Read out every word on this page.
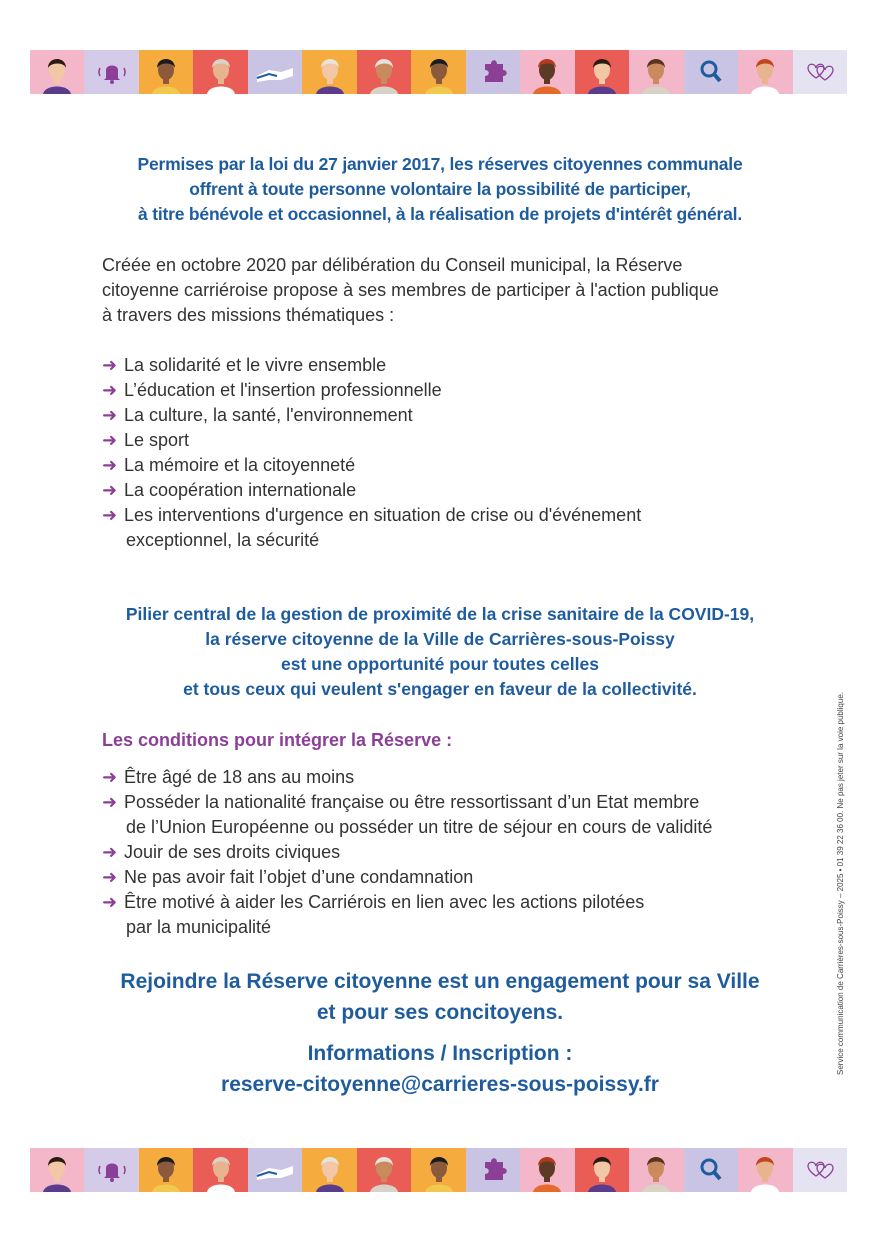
Permises par la loi du 27 janvier 2017, les réserves citoyennes communale
offrent à toute personne volontaire la possibilité de participer,
à titre bénévole et occasionnel, à la réalisation de projets d'intérêt général.
Créée en octobre 2020 par délibération du Conseil municipal, la Réserve
citoyenne carriéroise propose à ses membres de participer à l'action publique
à travers des missions thématiques :
➜ La solidarité et le vivre ensemble
➜ L’éducation et l'insertion professionnelle
➜ La culture, la santé, l'environnement
➜ Le sport
➜ La mémoire et la citoyenneté
➜ La coopération internationale
➜ Les interventions d'urgence en situation de crise ou d'événement
exceptionnel, la sécurité
Pilier central de la gestion de proximité de la crise sanitaire de la COVID-19,
la réserve citoyenne de la Ville de Carrières-sous-Poissy
est une opportunité pour toutes celles
et tous ceux qui veulent s'engager en faveur de la collectivité.
Les conditions pour intégrer la Réserve :
➜ Être âgé de 18 ans au moins
➜ Posséder la nationalité française ou être ressortissant d’un Etat membre
de l’Union Européenne ou posséder un titre de séjour en cours de validité
➜ Jouir de ses droits civiques
➜ Ne pas avoir fait l’objet d’une condamnation
➜ Être motivé à aider les Carriérois en lien avec les actions pilotées
par la municipalité
Rejoindre la Réserve citoyenne est un engagement pour sa Ville
et pour ses concitoyens.
Informations / Inscription :
reserve-citoyenne@carrieres-sous-poissy.fr
Service communication de Carrières-sous-Poissy – 2025 • 01 39 22 36 00. Ne pas jeter sur la voie publique.
